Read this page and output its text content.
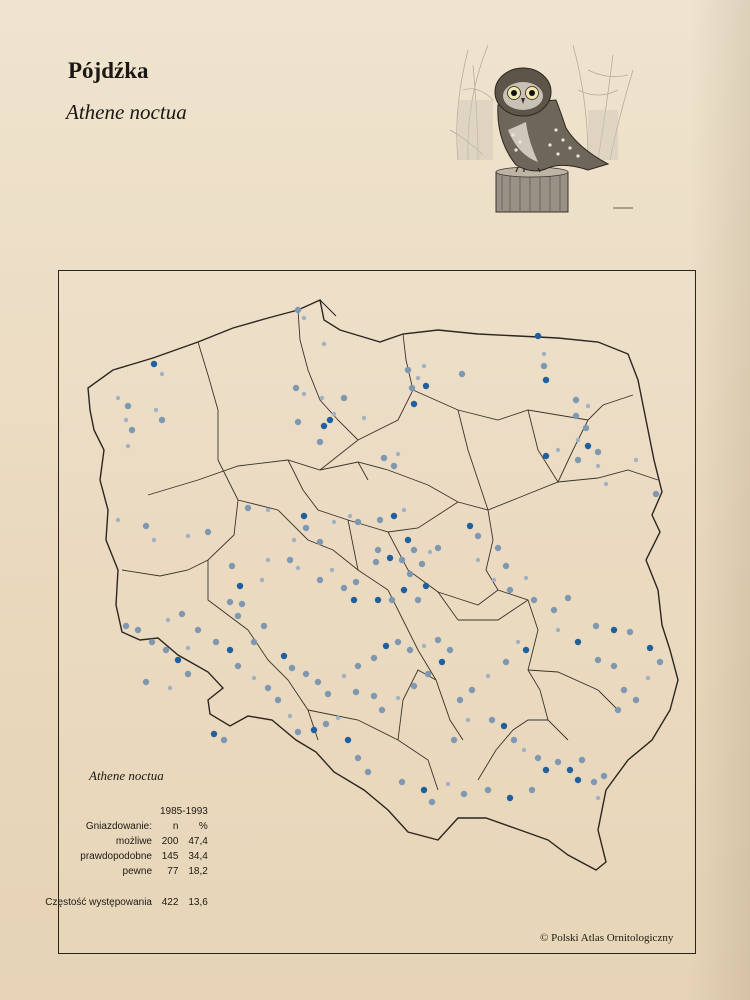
Pójdźka
Athene noctua
Athene noctua
	1985-1993	
Gniazdowanie:	n	%
możliwe	200	47,4
prawdopodobne	145	34,4
pewne	77	18,2

Częstość występowania	422	13,6
© Polski Atlas Ornitologiczny
